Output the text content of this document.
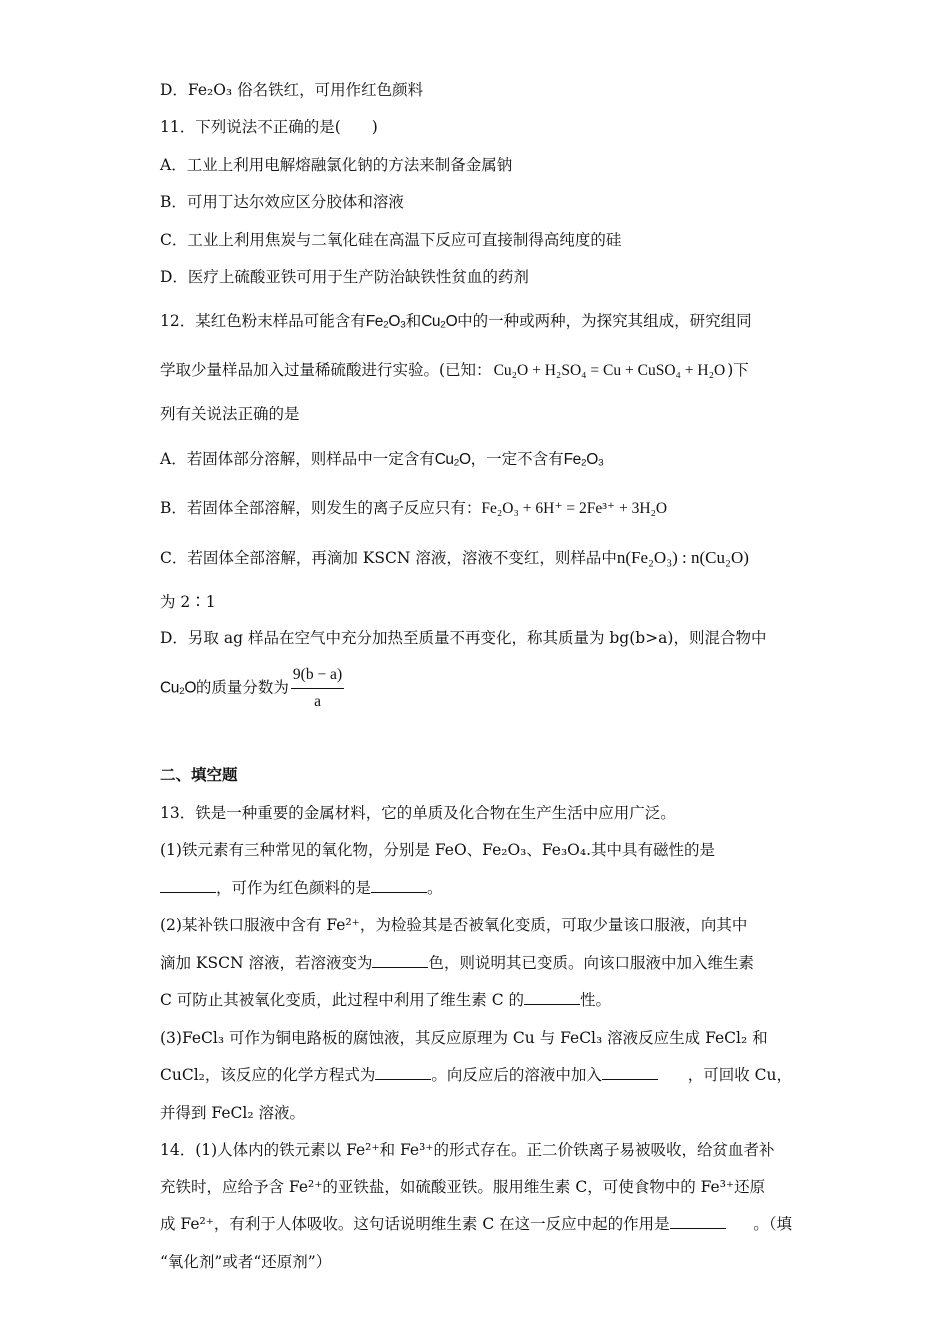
D．Fe₂O₃ 俗名铁红，可用作红色颜料
11．下列说法不正确的是(　　)
A．工业上利用电解熔融氯化钠的方法来制备金属钠
B．可用丁达尔效应区分胶体和溶液
C．工业上利用焦炭与二氧化硅在高温下反应可直接制得高纯度的硅
D．医疗上硫酸亚铁可用于生产防治缺铁性贫血的药剂
12．某红色粉末样品可能含有Fe₂O₃和Cu₂O中的一种或两种，为探究其组成，研究组同
学取少量样品加入过量稀硫酸进行实验。(已知： Cu₂O + H₂SO₄ = Cu + CuSO₄ + H₂O )下
列有关说法正确的是
A．若固体部分溶解，则样品中一定含有Cu₂O，一定不含有Fe₂O₃
B．若固体全部溶解，则发生的离子反应只有：Fe₂O₃ + 6H⁺ = 2Fe³⁺ + 3H₂O
C．若固体全部溶解，再滴加 KSCN 溶液，溶液不变红，则样品中n(Fe₂O₃) : n(Cu₂O)
为 2∶1
D．另取 ag 样品在空气中充分加热至质量不再变化，称其质量为 bg(b>a)，则混合物中
Cu₂O的质量分数为 $\frac{9(b - a)}{a}$
二、填空题
13．铁是一种重要的金属材料，它的单质及化合物在生产生活中应用广泛。
(1)铁元素有三种常见的氧化物，分别是 FeO、Fe₂O₃、Fe₃O₄.其中具有磁性的是
，可作为红色颜料的是	。
(2)某补铁口服液中含有 Fe²⁺，为检验其是否被氧化变质，可取少量该口服液，向其中
滴加 KSCN 溶液，若溶液变为	色，则说明其已变质。向该口服液中加入维生素
C 可防止其被氧化变质，此过程中利用了维生素 C 的	性。
(3)FeCl₃ 可作为铜电路板的腐蚀液，其反应原理为 Cu 与 FeCl₃ 溶液反应生成 FeCl₂ 和
CuCl₂，该反应的化学方程式为	。向反应后的溶液中加入	，可回收 Cu，
并得到 FeCl₂ 溶液。
14．(1)人体内的铁元素以 Fe²⁺和 Fe³⁺的形式存在。正二价铁离子易被吸收，给贫血者补
充铁时，应给予含 Fe²⁺的亚铁盐，如硫酸亚铁。服用维生素 C，可使食物中的 Fe³⁺还原
成 Fe²⁺，有利于人体吸收。这句话说明维生素 C 在这一反应中起的作用是	。（填
“氧化剂”或者“还原剂”）
